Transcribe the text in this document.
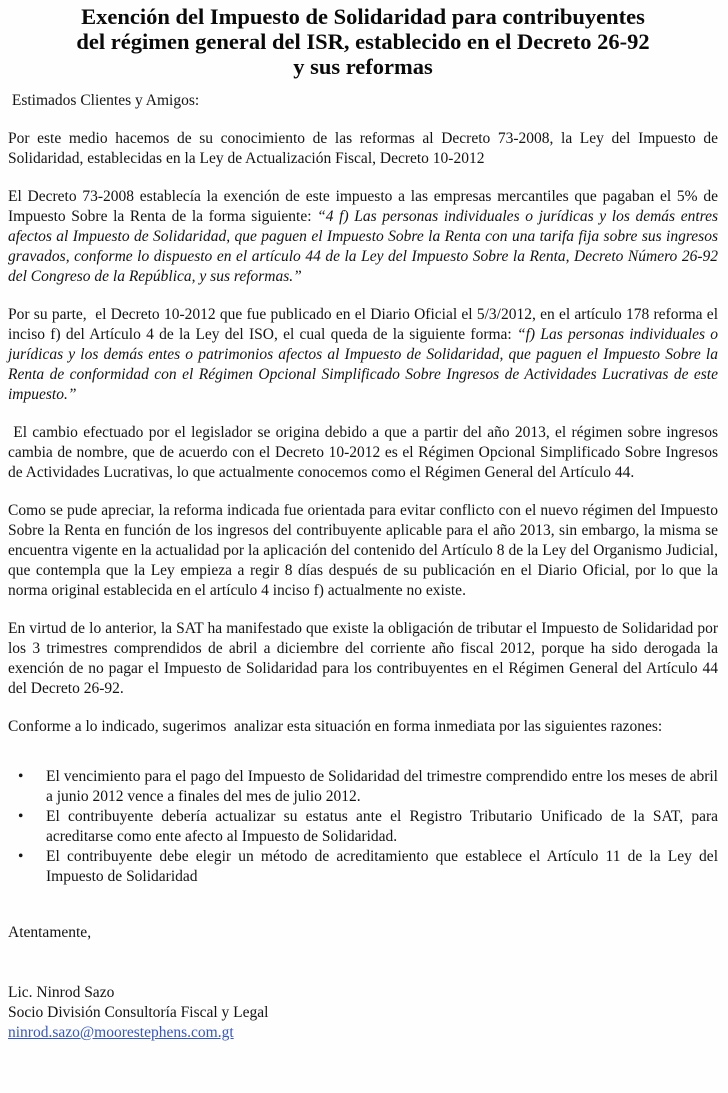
Exención del Impuesto de Solidaridad para contribuyentes
del régimen general del ISR, establecido en el Decreto 26-92
y sus reformas

Estimados Clientes y Amigos:

Por este medio hacemos de su conocimiento de las reformas al Decreto 73-2008, la Ley del Impuesto de Solidaridad, establecidas en la Ley de Actualización Fiscal, Decreto 10-2012

El Decreto 73-2008 establecía la exención de este impuesto a las empresas mercantiles que pagaban el 5% de Impuesto Sobre la Renta de la forma siguiente: “4 f) Las personas individuales o jurídicas y los demás entres afectos al Impuesto de Solidaridad, que paguen el Impuesto Sobre la Renta con una tarifa fija sobre sus ingresos gravados, conforme lo dispuesto en el artículo 44 de la Ley del Impuesto Sobre la Renta, Decreto Número 26-92 del Congreso de la República, y sus reformas.”

Por su parte,  el Decreto 10-2012 que fue publicado en el Diario Oficial el 5/3/2012, en el artículo 178 reforma el inciso f) del Artículo 4 de la Ley del ISO, el cual queda de la siguiente forma: “f) Las personas individuales o jurídicas y los demás entes o patrimonios afectos al Impuesto de Solidaridad, que paguen el Impuesto Sobre la Renta de conformidad con el Régimen Opcional Simplificado Sobre Ingresos de Actividades Lucrativas de este impuesto.”

El cambio efectuado por el legislador se origina debido a que a partir del año 2013, el régimen sobre ingresos cambia de nombre, que de acuerdo con el Decreto 10-2012 es el Régimen Opcional Simplificado Sobre Ingresos de Actividades Lucrativas, lo que actualmente conocemos como el Régimen General del Artículo 44.

Como se pude apreciar, la reforma indicada fue orientada para evitar conflicto con el nuevo régimen del Impuesto Sobre la Renta en función de los ingresos del contribuyente aplicable para el año 2013, sin embargo, la misma se encuentra vigente en la actualidad por la aplicación del contenido del Artículo 8 de la Ley del Organismo Judicial, que contempla que la Ley empieza a regir 8 días después de su publicación en el Diario Oficial, por lo que la norma original establecida en el artículo 4 inciso f) actualmente no existe.

En virtud de lo anterior, la SAT ha manifestado que existe la obligación de tributar el Impuesto de Solidaridad por los 3 trimestres comprendidos de abril a diciembre del corriente año fiscal 2012, porque ha sido derogada la exención de no pagar el Impuesto de Solidaridad para los contribuyentes en el Régimen General del Artículo 44 del Decreto 26-92.

Conforme a lo indicado, sugerimos  analizar esta situación en forma inmediata por las siguientes razones:

• El vencimiento para el pago del Impuesto de Solidaridad del trimestre comprendido entre los meses de abril a junio 2012 vence a finales del mes de julio 2012.
• El contribuyente debería actualizar su estatus ante el Registro Tributario Unificado de la SAT, para acreditarse como ente afecto al Impuesto de Solidaridad.
• El contribuyente debe elegir un método de acreditamiento que establece el Artículo 11 de la Ley del Impuesto de Solidaridad

Atentamente,

Lic. Ninrod Sazo

Socio División Consultoría Fiscal y Legal

ninrod.sazo@moorestephens.com.gt
